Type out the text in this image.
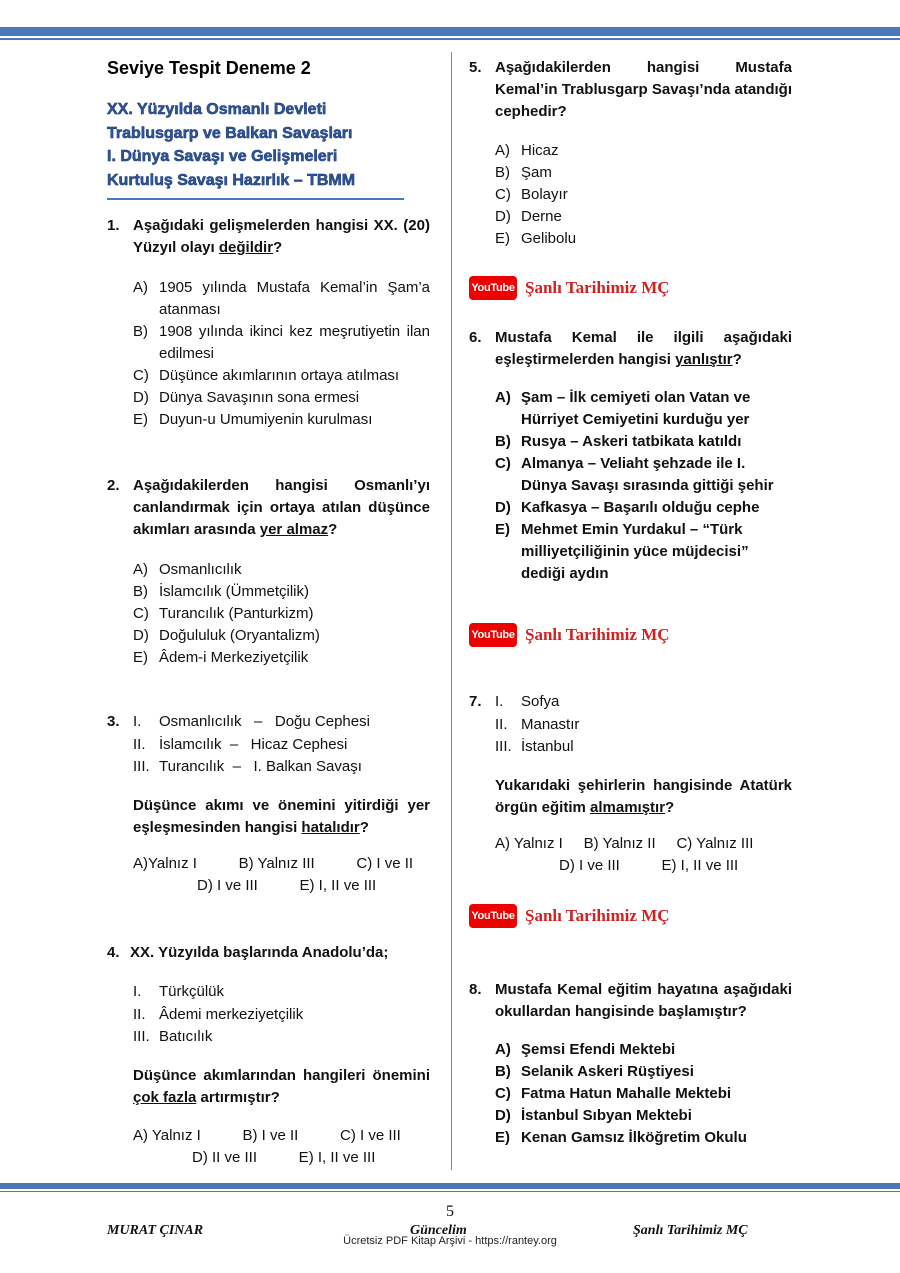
Seviye Tespit Deneme 2
XX. Yüzyılda Osmanlı Devleti
Trablusgarp ve Balkan Savaşları
I. Dünya Savaşı ve Gelişmeleri
Kurtuluş Savaşı Hazırlık – TBMM
1. Aşağıdaki gelişmelerden hangisi XX. (20) Yüzyıl olayı değildir?
A) 1905 yılında Mustafa Kemal’in Şam’a atanması
B) 1908 yılında ikinci kez meşrutiyetin ilan edilmesi
C) Düşünce akımlarının ortaya atılması
D) Dünya Savaşının sona ermesi
E) Duyun-u Umumiyenin kurulması
2. Aşağıdakilerden hangisi Osmanlı’yı canlandırmak için ortaya atılan düşünce akımları arasında yer almaz?
A) Osmanlıcılık
B) İslamcılık (Ümmetçilik)
C) Turancılık (Panturkizm)
D) Doğululuk (Oryantalizm)
E) Âdem-i Merkeziyetçilik
3. I.	Osmanlıcılık   –   Doğu Cephesi
II. İslamcılık  –   Hicaz Cephesi
III. Turancılık  –   I. Balkan Savaşı
Düşünce akımı ve önemini yitirdiği yer eşleşmesinden hangisi hatalıdır?
A)Yalnız I          B) Yalnız III          C) I ve II
D) I ve III          E) I, II ve III
4. XX. Yüzyılda başlarında Anadolu’da;
I.	Türkçülük
II. Âdemi merkeziyetçilik
III. Batıcılık
Düşünce akımlarından hangileri önemini çok fazla artırmıştır?
A) Yalnız I          B) I ve II          C) I ve III
D) II ve III          E) I, II ve III
5. Aşağıdakilerden hangisi Mustafa Kemal’in Trablusgarp Savaşı’nda atandığı cephedir?
A) Hicaz
B) Şam
C) Bolayır
D) Derne
E) Gelibolu
YouTube Şanlı Tarihimiz MÇ
6. Mustafa Kemal ile ilgili aşağıdaki eşleştirmelerden hangisi yanlıştır?
A) Şam – İlk cemiyeti olan Vatan ve Hürriyet Cemiyetini kurduğu yer
B) Rusya – Askeri tatbikata katıldı
C) Almanya – Veliaht şehzade ile I. Dünya Savaşı sırasında gittiği şehir
D) Kafkasya – Başarılı olduğu cephe
E) Mehmet Emin Yurdakul – “Türk milliyetçiliğinin yüce müjdecisi” dediği aydın
YouTube Şanlı Tarihimiz MÇ
7. I.	Sofya
II. Manastır
III. İstanbul
Yukarıdaki şehirlerin hangisinde Atatürk örgün eğitim almamıştır?
A) Yalnız I     B) Yalnız II     C) Yalnız III
D) I ve III          E) I, II ve III
YouTube Şanlı Tarihimiz MÇ
8. Mustafa Kemal eğitim hayatına aşağıdaki okullardan hangisinde başlamıştır?
A) Şemsi Efendi Mektebi
B) Selanik Askeri Rüştiyesi
C) Fatma Hatun Mahalle Mektebi
D) İstanbul Sıbyan Mektebi
E) Kenan Gamsız İlköğretim Okulu
5
MURAT ÇINAR	Güncelim	Şanlı Tarihimiz MÇ
Ücretsiz PDF Kitap Arşivi - https://rantey.org
